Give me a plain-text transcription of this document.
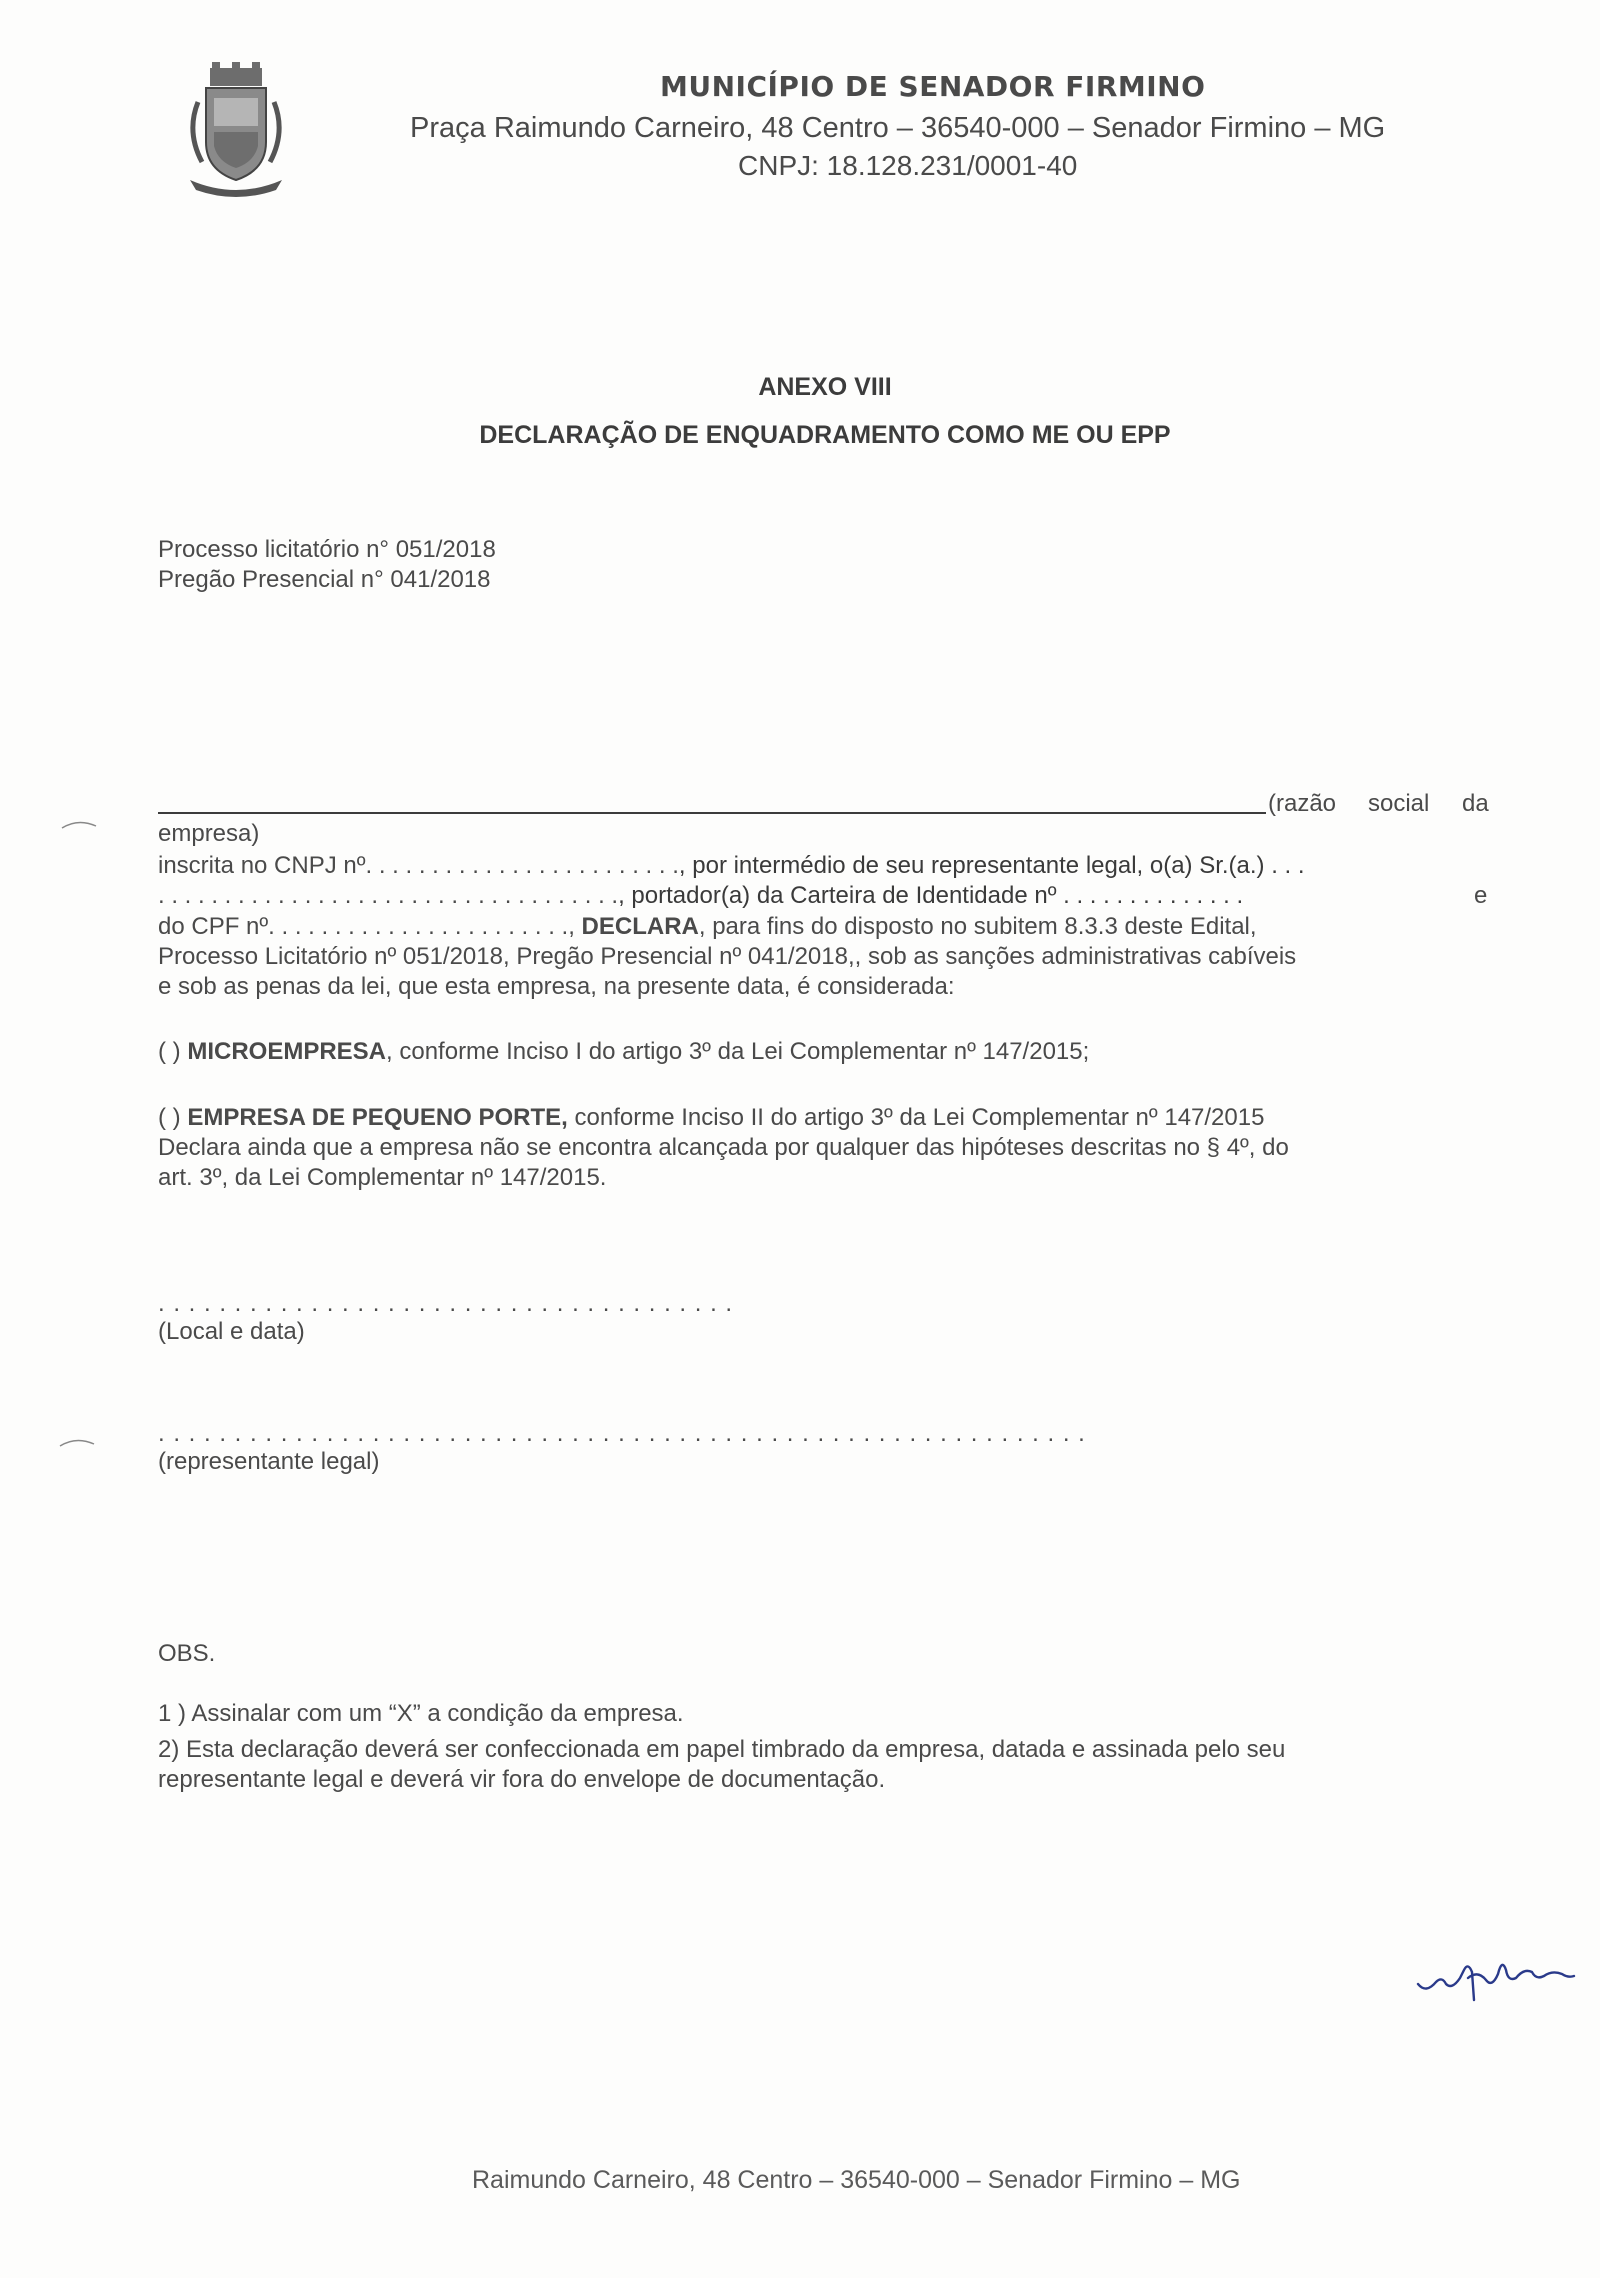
MUNICÍPIO DE SENADOR FIRMINO
Praça Raimundo Carneiro, 48 Centro – 36540-000 – Senador Firmino – MG
CNPJ: 18.128.231/0001-40
ANEXO VIII
DECLARAÇÃO DE ENQUADRAMENTO COMO ME OU EPP
Processo licitatório n° 051/2018
Pregão Presencial n° 041/2018
(razão social da
empresa)
inscrita no CNPJ nº. . . . . . . . . . . . . . . . . . . . . . . ., por intermédio de seu representante legal, o(a) Sr.(a.) . . .
. . . . . . . . . . . . . . . . . . . . . . . . . . . . . . . . . . ., portador(a) da Carteira de Identidade nº . . . . . . . . . . . . . .	e
do CPF nº. . . . . . . . . . . . . . . . . . . . . . ., DECLARA, para fins do disposto no subitem 8.3.3 deste Edital,
Processo Licitatório nº 051/2018, Pregão Presencial nº 041/2018,, sob as sanções administrativas cabíveis
e sob as penas da lei, que esta empresa, na presente data, é considerada:
( ) MICROEMPRESA, conforme Inciso I do artigo 3º da Lei Complementar nº 147/2015;
( ) EMPRESA DE PEQUENO PORTE, conforme Inciso II do artigo 3º da Lei Complementar nº 147/2015
Declara ainda que a empresa não se encontra alcançada por qualquer das hipóteses descritas no § 4º, do
art. 3º, da Lei Complementar nº 147/2015.
. . . . . . . . . . . . . . . . . . . . . . . . . . . . . . . . . . . . . .
(Local e data)
. . . . . . . . . . . . . . . . . . . . . . . . . . . . . . . . . . . . . . . . . . . . . . . . . . . . . . . . . . . . .
(representante legal)
OBS.
1 ) Assinalar com um “X” a condição da empresa.
2) Esta declaração deverá ser confeccionada em papel timbrado da empresa, datada e assinada pelo seu
representante legal e deverá vir fora do envelope de documentação.
Raimundo Carneiro, 48 Centro – 36540-000 – Senador Firmino – MG
